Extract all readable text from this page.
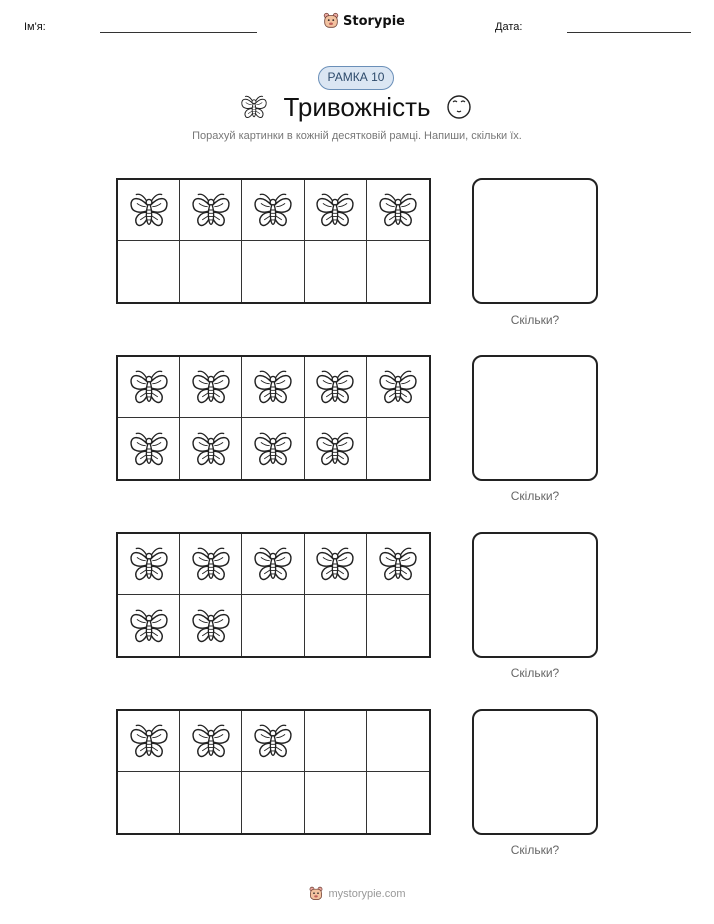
Ім'я:	Storypie	Дата:
РАМКА 10
Тривожність
Порахуй картинки в кожній десятковій рамці. Напиши, скільки їх.
Скільки?
Скільки?
Скільки?
Скільки?
mystorypie.com
